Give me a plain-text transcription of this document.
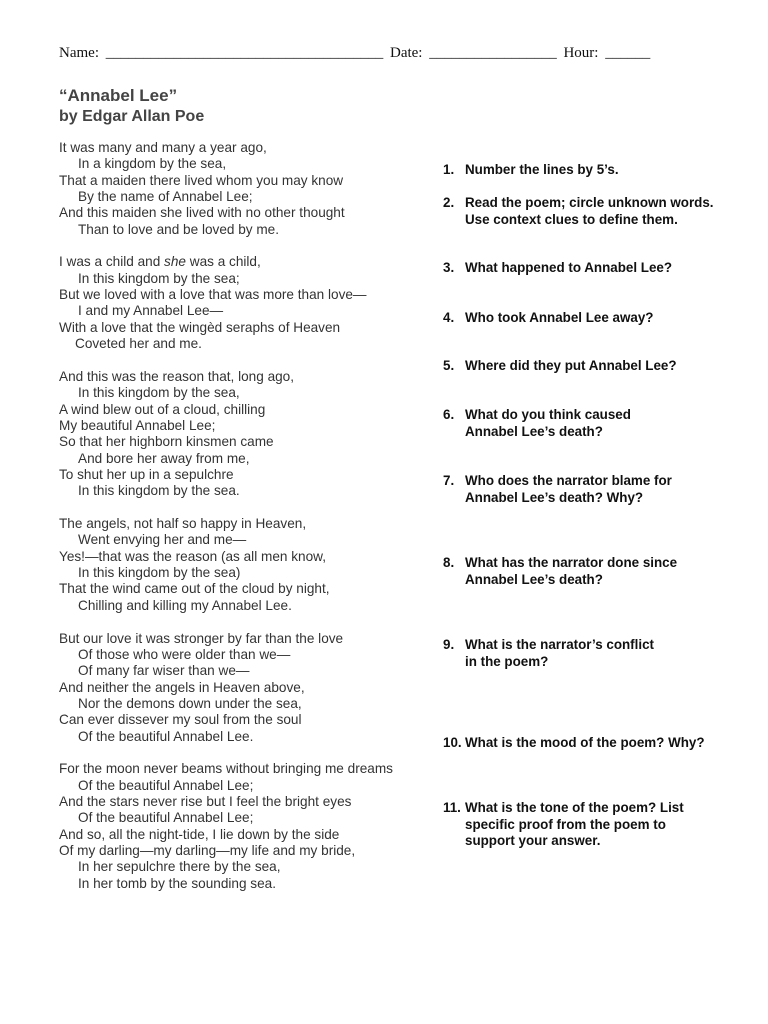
Name: _____________________________________ Date: _________________ Hour: ______
“Annabel Lee”
by Edgar Allan Poe
It was many and many a year ago,
In a kingdom by the sea,
That a maiden there lived whom you may know
By the name of Annabel Lee;
And this maiden she lived with no other thought
Than to love and be loved by me.
I was a child and she was a child,
In this kingdom by the sea;
But we loved with a love that was more than love—
I and my Annabel Lee—
With a love that the wingèd seraphs of Heaven
Coveted her and me.
And this was the reason that, long ago,
In this kingdom by the sea,
A wind blew out of a cloud, chilling
My beautiful Annabel Lee;
So that her highborn kinsmen came
And bore her away from me,
To shut her up in a sepulchre
In this kingdom by the sea.
The angels, not half so happy in Heaven,
Went envying her and me—
Yes!—that was the reason (as all men know,
In this kingdom by the sea)
That the wind came out of the cloud by night,
Chilling and killing my Annabel Lee.
But our love it was stronger by far than the love
Of those who were older than we—
Of many far wiser than we—
And neither the angels in Heaven above,
Nor the demons down under the sea,
Can ever dissever my soul from the soul
Of the beautiful Annabel Lee.
For the moon never beams without bringing me dreams
Of the beautiful Annabel Lee;
And the stars never rise but I feel the bright eyes
Of the beautiful Annabel Lee;
And so, all the night-tide, I lie down by the side
Of my darling—my darling—my life and my bride,
In her sepulchre there by the sea,
In her tomb by the sounding sea.
1. Number the lines by 5’s.
2. Read the poem; circle unknown words.
Use context clues to define them.
3. What happened to Annabel Lee?
4. Who took Annabel Lee away?
5. Where did they put Annabel Lee?
6. What do you think caused
Annabel Lee’s death?
7. Who does the narrator blame for
Annabel Lee’s death? Why?
8. What has the narrator done since
Annabel Lee’s death?
9. What is the narrator’s conflict
in the poem?
10. What is the mood of the poem? Why?
11. What is the tone of the poem? List
specific proof from the poem to
support your answer.
